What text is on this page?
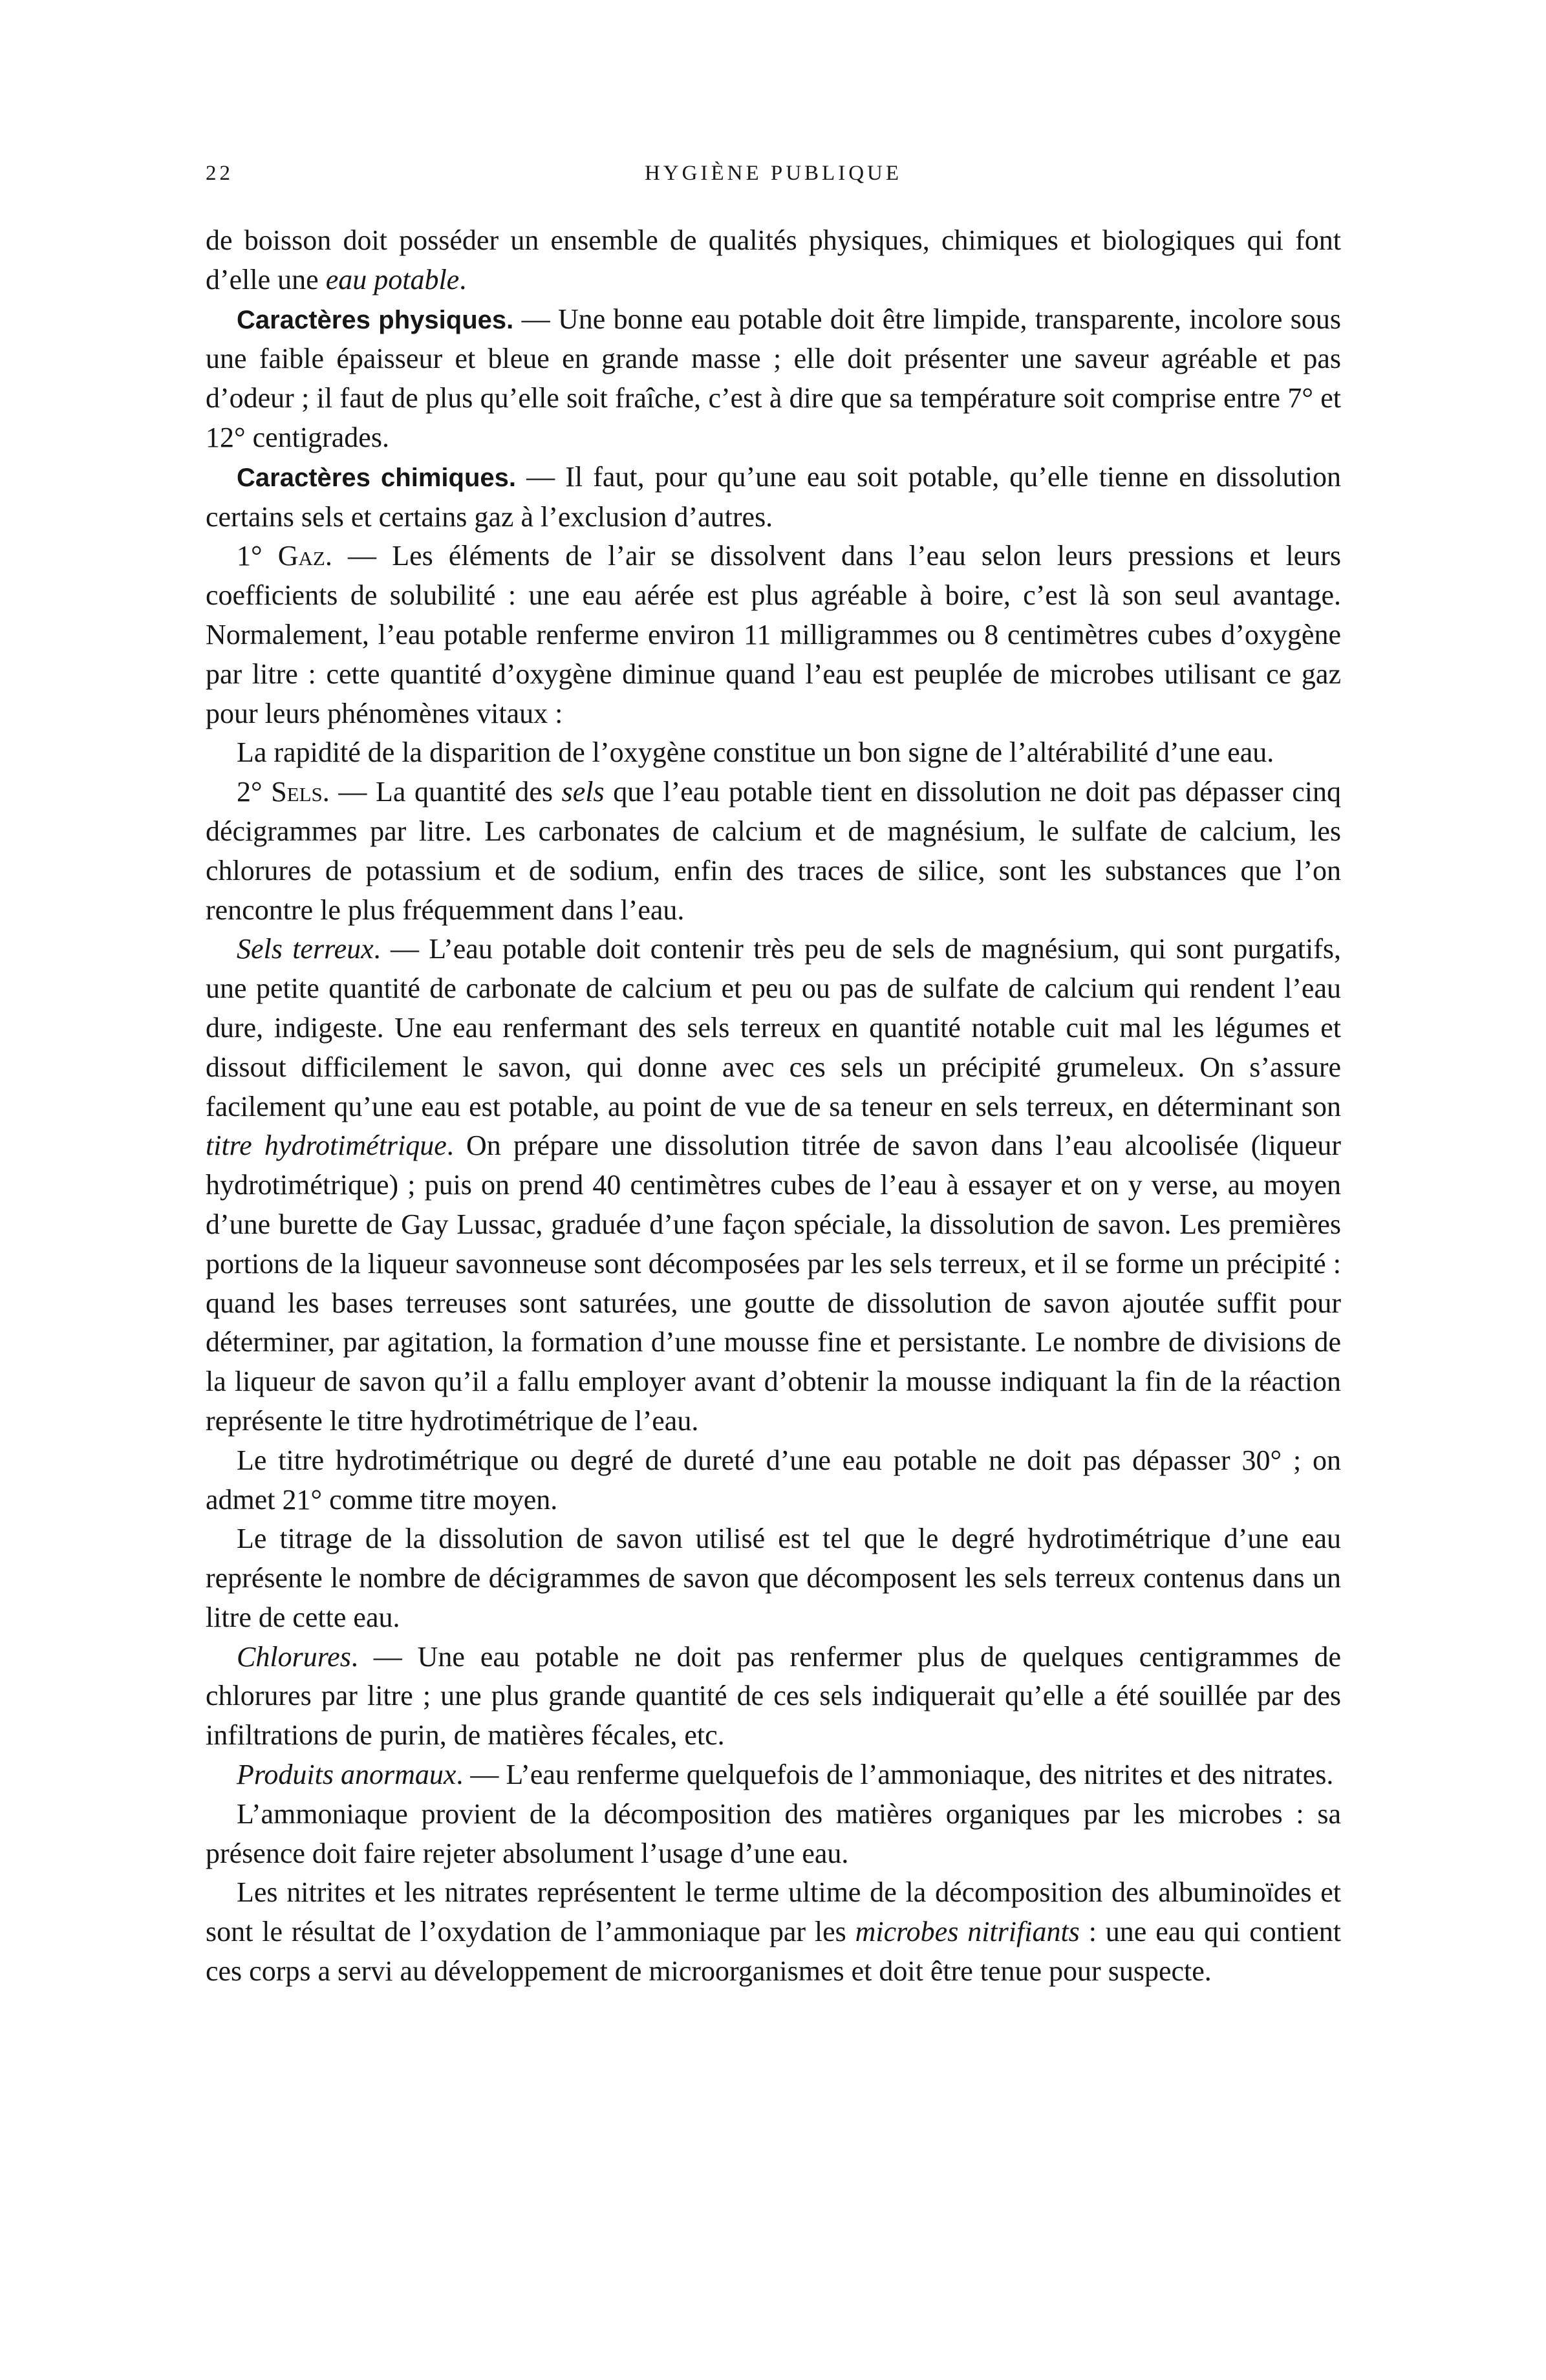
22	HYGIÈNE PUBLIQUE

de boisson doit posséder un ensemble de qualités physiques, chimiques et biologiques qui font d’elle une eau potable.

Caractères physiques. — Une bonne eau potable doit être limpide, transparente, incolore sous une faible épaisseur et bleue en grande masse ; elle doit présenter une saveur agréable et pas d’odeur ; il faut de plus qu’elle soit fraîche, c’est à dire que sa température soit comprise entre 7° et 12° centigrades.

Caractères chimiques. — Il faut, pour qu’une eau soit potable, qu’elle tienne en dissolution certains sels et certains gaz à l’exclusion d’autres.

1° Gaz. — Les éléments de l’air se dissolvent dans l’eau selon leurs pressions et leurs coefficients de solubilité : une eau aérée est plus agréable à boire, c’est là son seul avantage. Normalement, l’eau potable renferme environ 11 milligrammes ou 8 centimètres cubes d’oxygène par litre : cette quantité d’oxygène diminue quand l’eau est peuplée de microbes utilisant ce gaz pour leurs phénomènes vitaux :

La rapidité de la disparition de l’oxygène constitue un bon signe de l’altérabilité d’une eau.

2° Sels. — La quantité des sels que l’eau potable tient en dissolution ne doit pas dépasser cinq décigrammes par litre. Les carbonates de calcium et de magnésium, le sulfate de calcium, les chlorures de potassium et de sodium, enfin des traces de silice, sont les substances que l’on rencontre le plus fréquemment dans l’eau.

Sels terreux. — L’eau potable doit contenir très peu de sels de magnésium, qui sont purgatifs, une petite quantité de carbonate de calcium et peu ou pas de sulfate de calcium qui rendent l’eau dure, indigeste. Une eau renfermant des sels terreux en quantité notable cuit mal les légumes et dissout difficilement le savon, qui donne avec ces sels un précipité grumeleux. On s’assure facilement qu’une eau est potable, au point de vue de sa teneur en sels terreux, en déterminant son titre hydrotimétrique. On prépare une dissolution titrée de savon dans l’eau alcoolisée (liqueur hydrotimétrique) ; puis on prend 40 centimètres cubes de l’eau à essayer et on y verse, au moyen d’une burette de Gay Lussac, graduée d’une façon spéciale, la dissolution de savon. Les premières portions de la liqueur savonneuse sont décomposées par les sels terreux, et il se forme un précipité : quand les bases terreuses sont saturées, une goutte de dissolution de savon ajoutée suffit pour déterminer, par agitation, la formation d’une mousse fine et persistante. Le nombre de divisions de la liqueur de savon qu’il a fallu employer avant d’obtenir la mousse indiquant la fin de la réaction représente le titre hydrotimétrique de l’eau.

Le titre hydrotimétrique ou degré de dureté d’une eau potable ne doit pas dépasser 30° ; on admet 21° comme titre moyen.

Le titrage de la dissolution de savon utilisé est tel que le degré hydrotimétrique d’une eau représente le nombre de décigrammes de savon que décomposent les sels terreux contenus dans un litre de cette eau.

Chlorures. — Une eau potable ne doit pas renfermer plus de quelques centigrammes de chlorures par litre ; une plus grande quantité de ces sels indiquerait qu’elle a été souillée par des infiltrations de purin, de matières fécales, etc.

Produits anormaux. — L’eau renferme quelquefois de l’ammoniaque, des nitrites et des nitrates.

L’ammoniaque provient de la décomposition des matières organiques par les microbes : sa présence doit faire rejeter absolument l’usage d’une eau.

Les nitrites et les nitrates représentent le terme ultime de la décomposition des albuminoïdes et sont le résultat de l’oxydation de l’ammoniaque par les microbes nitrifiants : une eau qui contient ces corps a servi au développement de microorganismes et doit être tenue pour suspecte.
